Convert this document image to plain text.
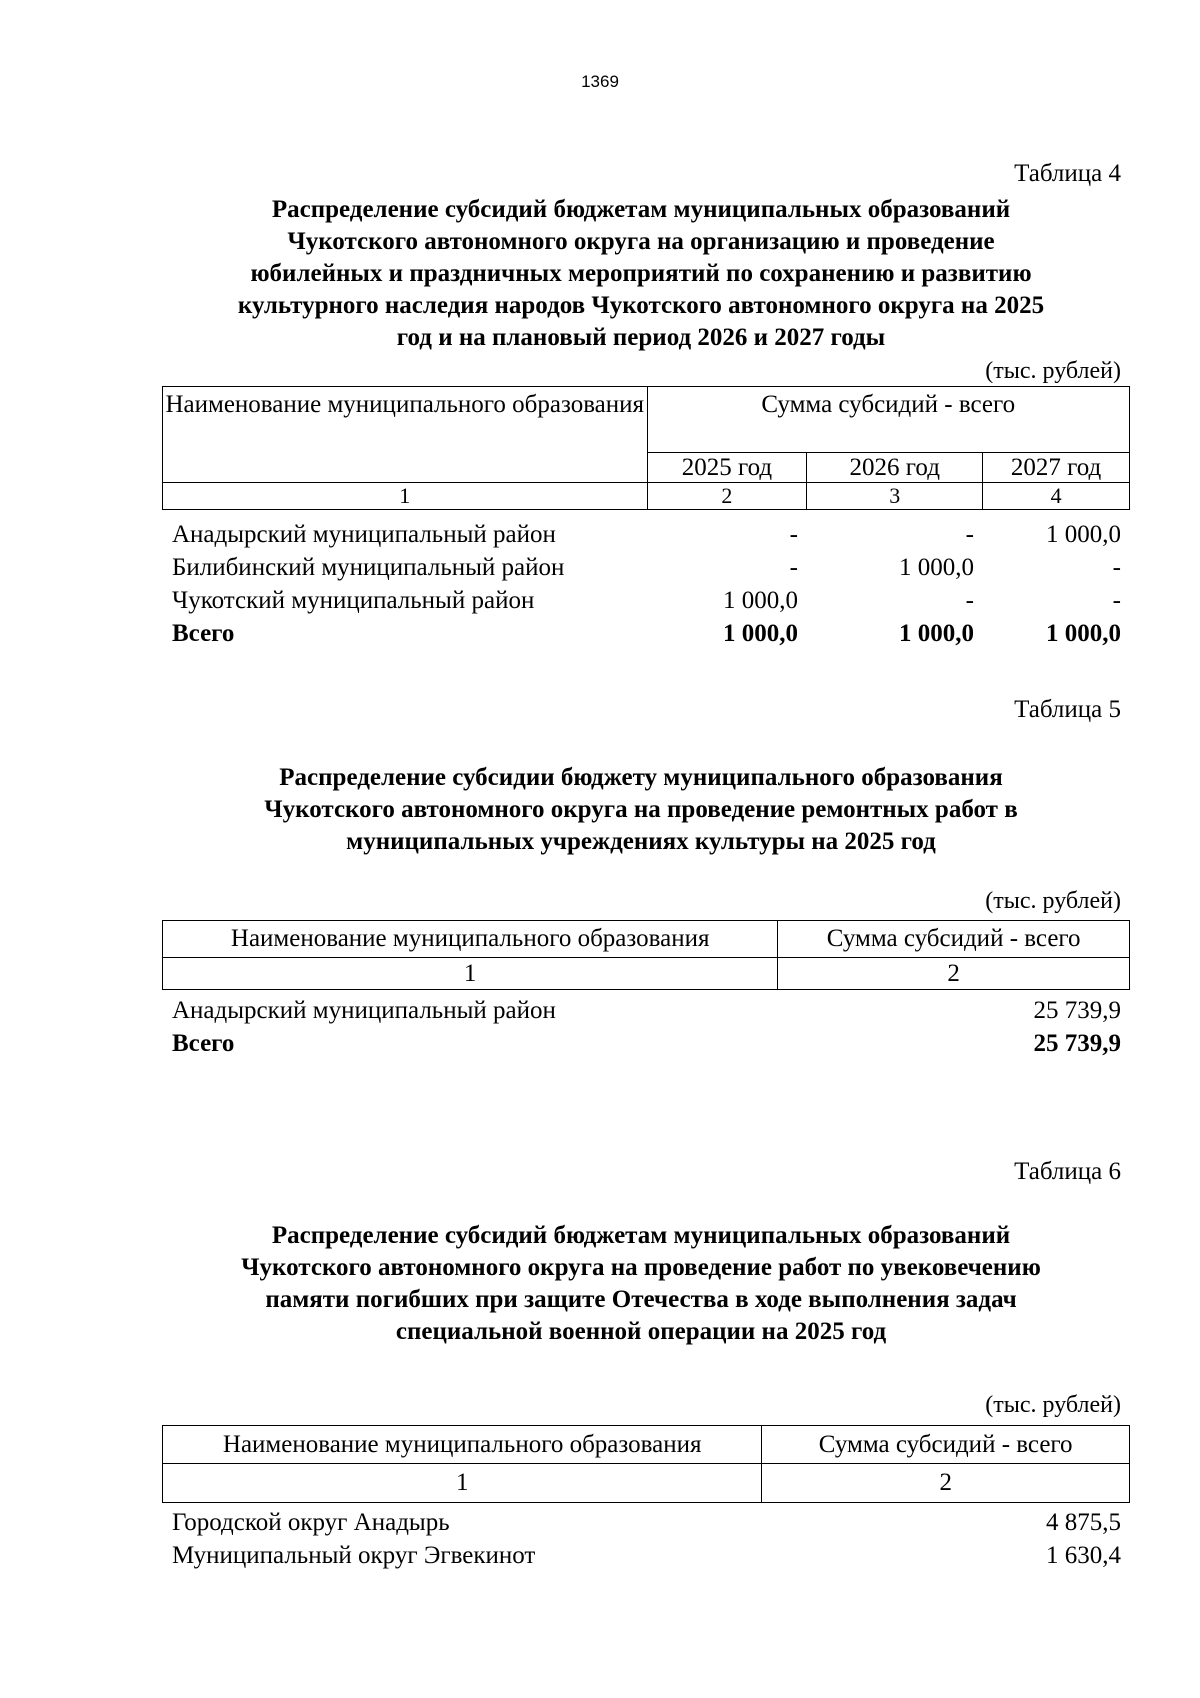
1369
Таблица 4
Распределение субсидий бюджетам муниципальных образований
Чукотского автономного округа на организацию и проведение
юбилейных и праздничных мероприятий по сохранению и развитию
культурного наследия народов Чукотского автономного округа на 2025
год и на плановый период 2026 и 2027 годы
(тыс. рублей)
Наименование муниципального образования	Сумма субсидий - всего		
	2025 год	2026 год	2027 год
1	2	3	4
Анадырский муниципальный район	-	-	1 000,0
Билибинский муниципальный район	-	1 000,0	-
Чукотский муниципальный район	1 000,0	-	-
Всего	1 000,0	1 000,0	1 000,0
Таблица 5
Распределение субсидии бюджету муниципального образования
Чукотского автономного округа на проведение ремонтных работ в
муниципальных учреждениях культуры на 2025 год
(тыс. рублей)
Наименование муниципального образования	Сумма субсидий - всего
1	2
Анадырский муниципальный район	25 739,9
Всего	25 739,9
Таблица 6
Распределение субсидий бюджетам муниципальных образований
Чукотского автономного округа на проведение работ по увековечению
памяти погибших при защите Отечества в ходе выполнения задач
специальной военной операции на 2025 год
(тыс. рублей)
Наименование муниципального образования	Сумма субсидий - всего
1	2
Городской округ Анадырь	4 875,5
Муниципальный округ Эгвекинот	1 630,4
